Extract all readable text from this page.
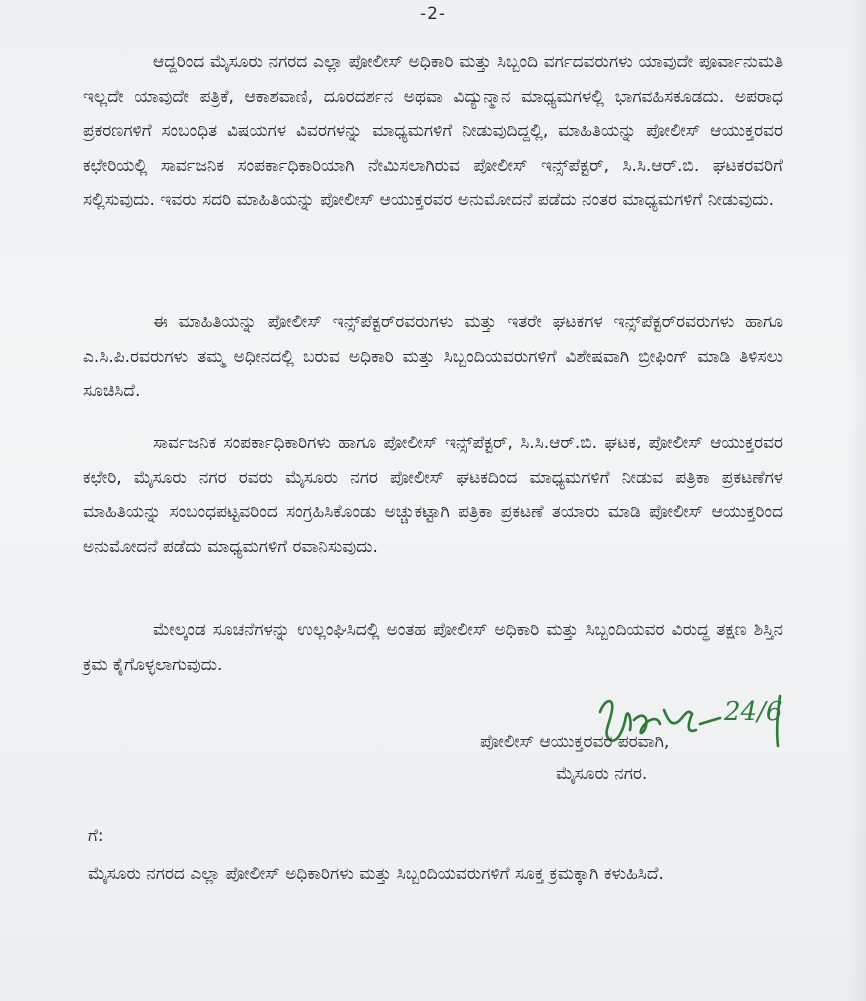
-2-

ಆದ್ದರಿಂದ ಮೈಸೂರು ನಗರದ ಎಲ್ಲಾ ಪೋಲೀಸ್ ಅಧಿಕಾರಿ ಮತ್ತು ಸಿಬ್ಬಂದಿ ವರ್ಗದವರುಗಳು ಯಾವುದೇ ಪೂರ್ವಾನುಮತಿ ಇಲ್ಲದೇ ಯಾವುದೇ ಪತ್ರಿಕೆ, ಆಕಾಶವಾಣಿ, ದೂರದರ್ಶನ ಅಥವಾ ವಿದ್ಯುನ್ಮಾನ ಮಾಧ್ಯಮಗಳಲ್ಲಿ ಭಾಗವಹಿಸಕೂಡದು. ಅಪರಾಧ ಪ್ರಕರಣಗಳಿಗೆ ಸಂಬಂಧಿತ ವಿಷಯಗಳ ವಿವರಗಳನ್ನು ಮಾಧ್ಯಮಗಳಿಗೆ ನೀಡುವುದಿದ್ದಲ್ಲಿ, ಮಾಹಿತಿಯನ್ನು ಪೋಲೀಸ್ ಆಯುಕ್ತರವರ ಕಛೇರಿಯಲ್ಲಿ ಸಾರ್ವಜನಿಕ ಸಂಪರ್ಕಾಧಿಕಾರಿಯಾಗಿ ನೇಮಿಸಲಾಗಿರುವ ಪೋಲೀಸ್ ಇನ್ಸ್‌ಪೆಕ್ಟರ್, ಸಿ.ಸಿ.ಆರ್.ಬಿ. ಘಟಕರವರಿಗೆ ಸಲ್ಲಿಸುವುದು. ಇವರು ಸದರಿ ಮಾಹಿತಿಯನ್ನು ಪೋಲೀಸ್ ಆಯುಕ್ತರವರ ಅನುಮೋದನೆ ಪಡೆದು ನಂತರ ಮಾಧ್ಯಮಗಳಿಗೆ ನೀಡುವುದು.

ಈ ಮಾಹಿತಿಯನ್ನು ಪೋಲೀಸ್ ಇನ್ಸ್‌ಪೆಕ್ಟರ್‌ರವರುಗಳು ಮತ್ತು ಇತರೇ ಘಟಕಗಳ ಇನ್ಸ್‌ಪೆಕ್ಟರ್‌ರವರುಗಳು ಹಾಗೂ ಎ.ಸಿ.ಪಿ.ರವರುಗಳು ತಮ್ಮ ಅಧೀನದಲ್ಲಿ ಬರುವ ಅಧಿಕಾರಿ ಮತ್ತು ಸಿಬ್ಬಂದಿಯವರುಗಳಿಗೆ ವಿಶೇಷವಾಗಿ ಬ್ರೀಫಿಂಗ್ ಮಾಡಿ ತಿಳಿಸಲು ಸೂಚಿಸಿದೆ.

ಸಾರ್ವಜನಿಕ ಸಂಪರ್ಕಾಧಿಕಾರಿಗಳು ಹಾಗೂ ಪೋಲೀಸ್ ಇನ್ಸ್‌ಪೆಕ್ಟರ್, ಸಿ.ಸಿ.ಆರ್.ಬಿ. ಘಟಕ, ಪೋಲೀಸ್ ಆಯುಕ್ತರವರ ಕಛೇರಿ, ಮೈಸೂರು ನಗರ ರವರು ಮೈಸೂರು ನಗರ ಪೋಲೀಸ್ ಘಟಕದಿಂದ ಮಾಧ್ಯಮಗಳಿಗೆ ನೀಡುವ ಪತ್ರಿಕಾ ಪ್ರಕಟಣೆಗಳ ಮಾಹಿತಿಯನ್ನು ಸಂಬಂಧಪಟ್ಟವರಿಂದ ಸಂಗ್ರಹಿಸಿಕೊಂಡು ಅಚ್ಚುಕಟ್ಟಾಗಿ ಪತ್ರಿಕಾ ಪ್ರಕಟಣೆ ತಯಾರು ಮಾಡಿ ಪೋಲೀಸ್ ಆಯುಕ್ತರಿಂದ ಅನುಮೋದನೆ ಪಡೆದು ಮಾಧ್ಯಮಗಳಿಗೆ ರವಾನಿಸುವುದು.

ಮೇಲ್ಕಂಡ ಸೂಚನೆಗಳನ್ನು ಉಲ್ಲಂಘಿಸಿದಲ್ಲಿ ಅಂತಹ ಪೋಲೀಸ್ ಅಧಿಕಾರಿ ಮತ್ತು ಸಿಬ್ಬಂದಿಯವರ ವಿರುದ್ಧ ತಕ್ಷಣ ಶಿಸ್ತಿನ ಕ್ರಮ ಕೈಗೊಳ್ಳಲಾಗುವುದು.

24/6
ಪೋಲೀಸ್ ಆಯುಕ್ತರವರ ಪರವಾಗಿ,
ಮೈಸೂರು ನಗರ.
ಗೆ:

ಮೈಸೂರು ನಗರದ ಎಲ್ಲಾ ಪೋಲೀಸ್ ಅಧಿಕಾರಿಗಳು ಮತ್ತು ಸಿಬ್ಬಂದಿಯವರುಗಳಿಗೆ ಸೂಕ್ತ ಕ್ರಮಕ್ಕಾಗಿ ಕಳುಹಿಸಿದೆ.
